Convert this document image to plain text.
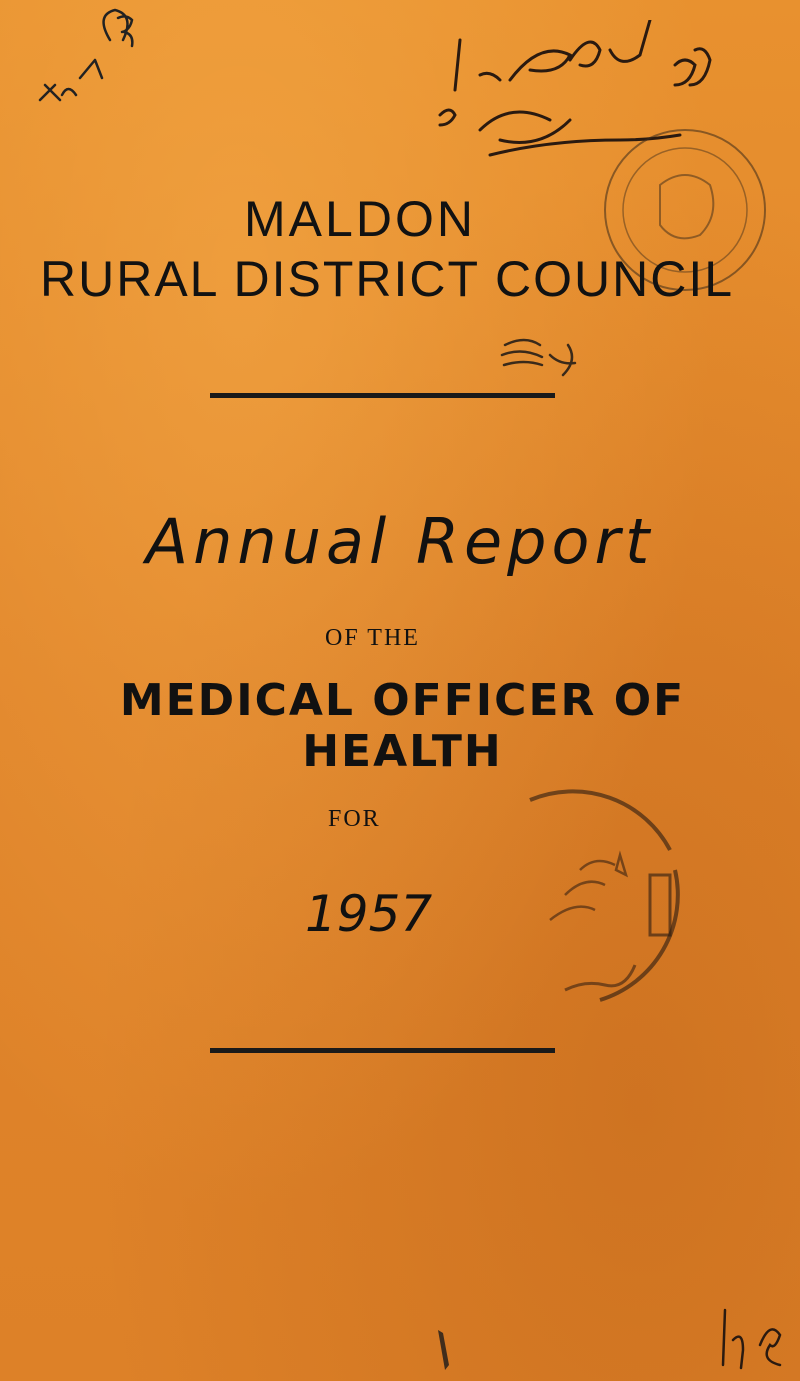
MALDON
RURAL DISTRICT COUNCIL
Annual Report
OF THE
MEDICAL OFFICER OF HEALTH
FOR
1957
